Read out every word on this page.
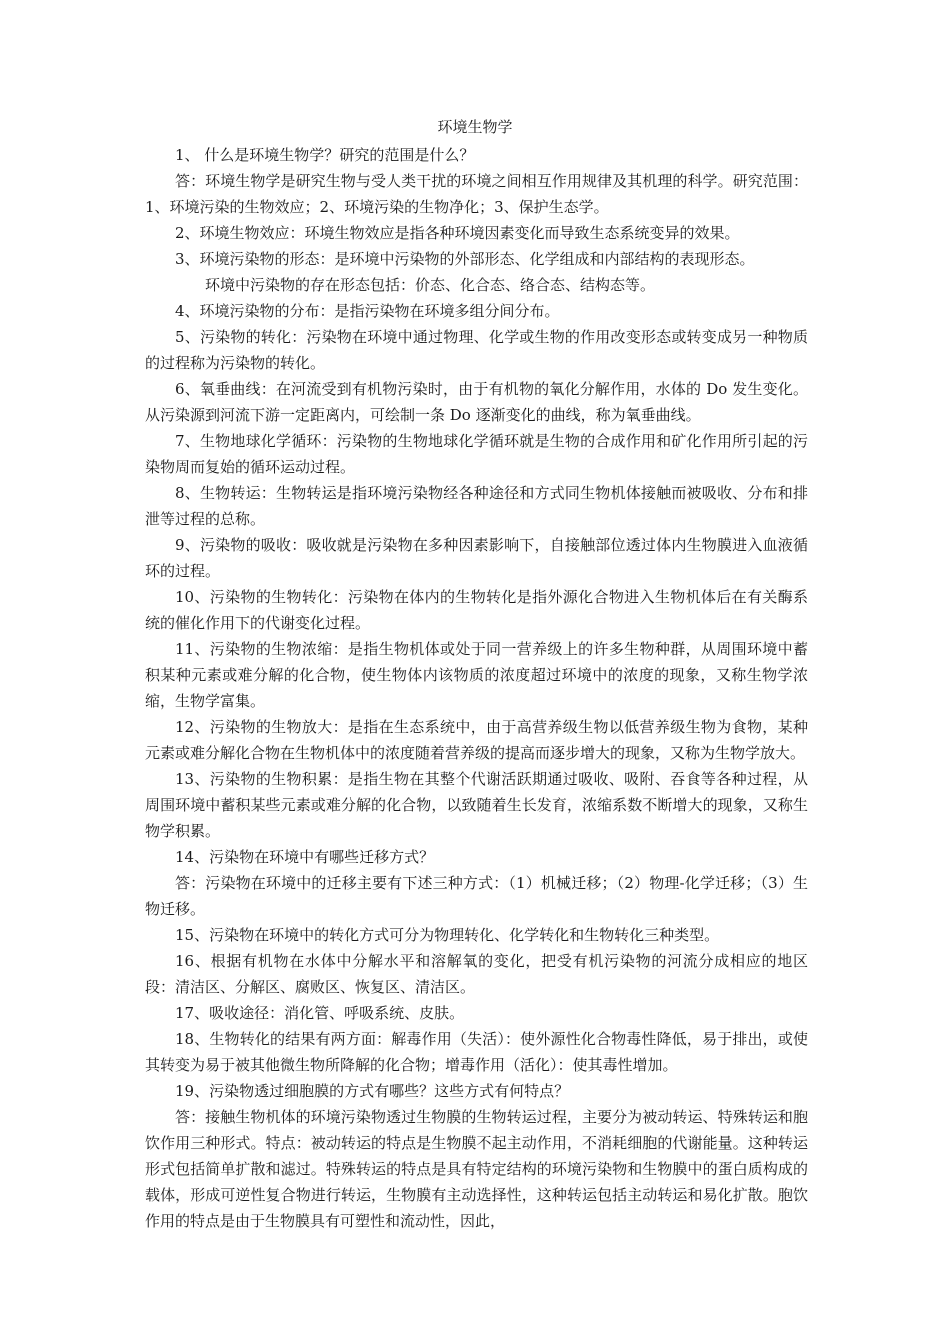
环境生物学

1、 什么是环境生物学？研究的范围是什么？

答：环境生物学是研究生物与受人类干扰的环境之间相互作用规律及其机理的科学。研究范围：1、环境污染的生物效应；2、环境污染的生物净化；3、保护生态学。

2、环境生物效应：环境生物效应是指各种环境因素变化而导致生态系统变异的效果。

3、环境污染物的形态：是环境中污染物的外部形态、化学组成和内部结构的表现形态。

环境中污染物的存在形态包括：价态、化合态、络合态、结构态等。

4、环境污染物的分布：是指污染物在环境多组分间分布。

5、污染物的转化：污染物在环境中通过物理、化学或生物的作用改变形态或转变成另一种物质的过程称为污染物的转化。

6、氧垂曲线：在河流受到有机物污染时，由于有机物的氧化分解作用，水体的 Do 发生变化。从污染源到河流下游一定距离内，可绘制一条 Do 逐渐变化的曲线，称为氧垂曲线。

7、生物地球化学循环：污染物的生物地球化学循环就是生物的合成作用和矿化作用所引起的污染物周而复始的循环运动过程。

8、生物转运：生物转运是指环境污染物经各种途径和方式同生物机体接触而被吸收、分布和排泄等过程的总称。

9、污染物的吸收：吸收就是污染物在多种因素影响下，自接触部位透过体内生物膜进入血液循环的过程。

10、污染物的生物转化：污染物在体内的生物转化是指外源化合物进入生物机体后在有关酶系统的催化作用下的代谢变化过程。

11、污染物的生物浓缩：是指生物机体或处于同一营养级上的许多生物种群，从周围环境中蓄积某种元素或难分解的化合物，使生物体内该物质的浓度超过环境中的浓度的现象，又称生物学浓缩，生物学富集。

12、污染物的生物放大：是指在生态系统中，由于高营养级生物以低营养级生物为食物，某种元素或难分解化合物在生物机体中的浓度随着营养级的提高而逐步增大的现象，又称为生物学放大。

13、污染物的生物积累：是指生物在其整个代谢活跃期通过吸收、吸附、吞食等各种过程，从周围环境中蓄积某些元素或难分解的化合物，以致随着生长发育，浓缩系数不断增大的现象，又称生物学积累。

14、污染物在环境中有哪些迁移方式？

答：污染物在环境中的迁移主要有下述三种方式：（1）机械迁移；（2）物理-化学迁移；（3）生物迁移。

15、污染物在环境中的转化方式可分为物理转化、化学转化和生物转化三种类型。

16、根据有机物在水体中分解水平和溶解氧的变化，把受有机污染物的河流分成相应的地区段：清洁区、分解区、腐败区、恢复区、清洁区。

17、吸收途径：消化管、呼吸系统、皮肤。

18、生物转化的结果有两方面：解毒作用（失活）：使外源性化合物毒性降低，易于排出，或使其转变为易于被其他微生物所降解的化合物；增毒作用（活化）：使其毒性增加。

19、污染物透过细胞膜的方式有哪些？这些方式有何特点？

答：接触生物机体的环境污染物透过生物膜的生物转运过程，主要分为被动转运、特殊转运和胞饮作用三种形式。特点：被动转运的特点是生物膜不起主动作用，不消耗细胞的代谢能量。这种转运形式包括简单扩散和滤过。特殊转运的特点是具有特定结构的环境污染物和生物膜中的蛋白质构成的载体，形成可逆性复合物进行转运，生物膜有主动选择性，这种转运包括主动转运和易化扩散。胞饮作用的特点是由于生物膜具有可塑性和流动性，因此，
